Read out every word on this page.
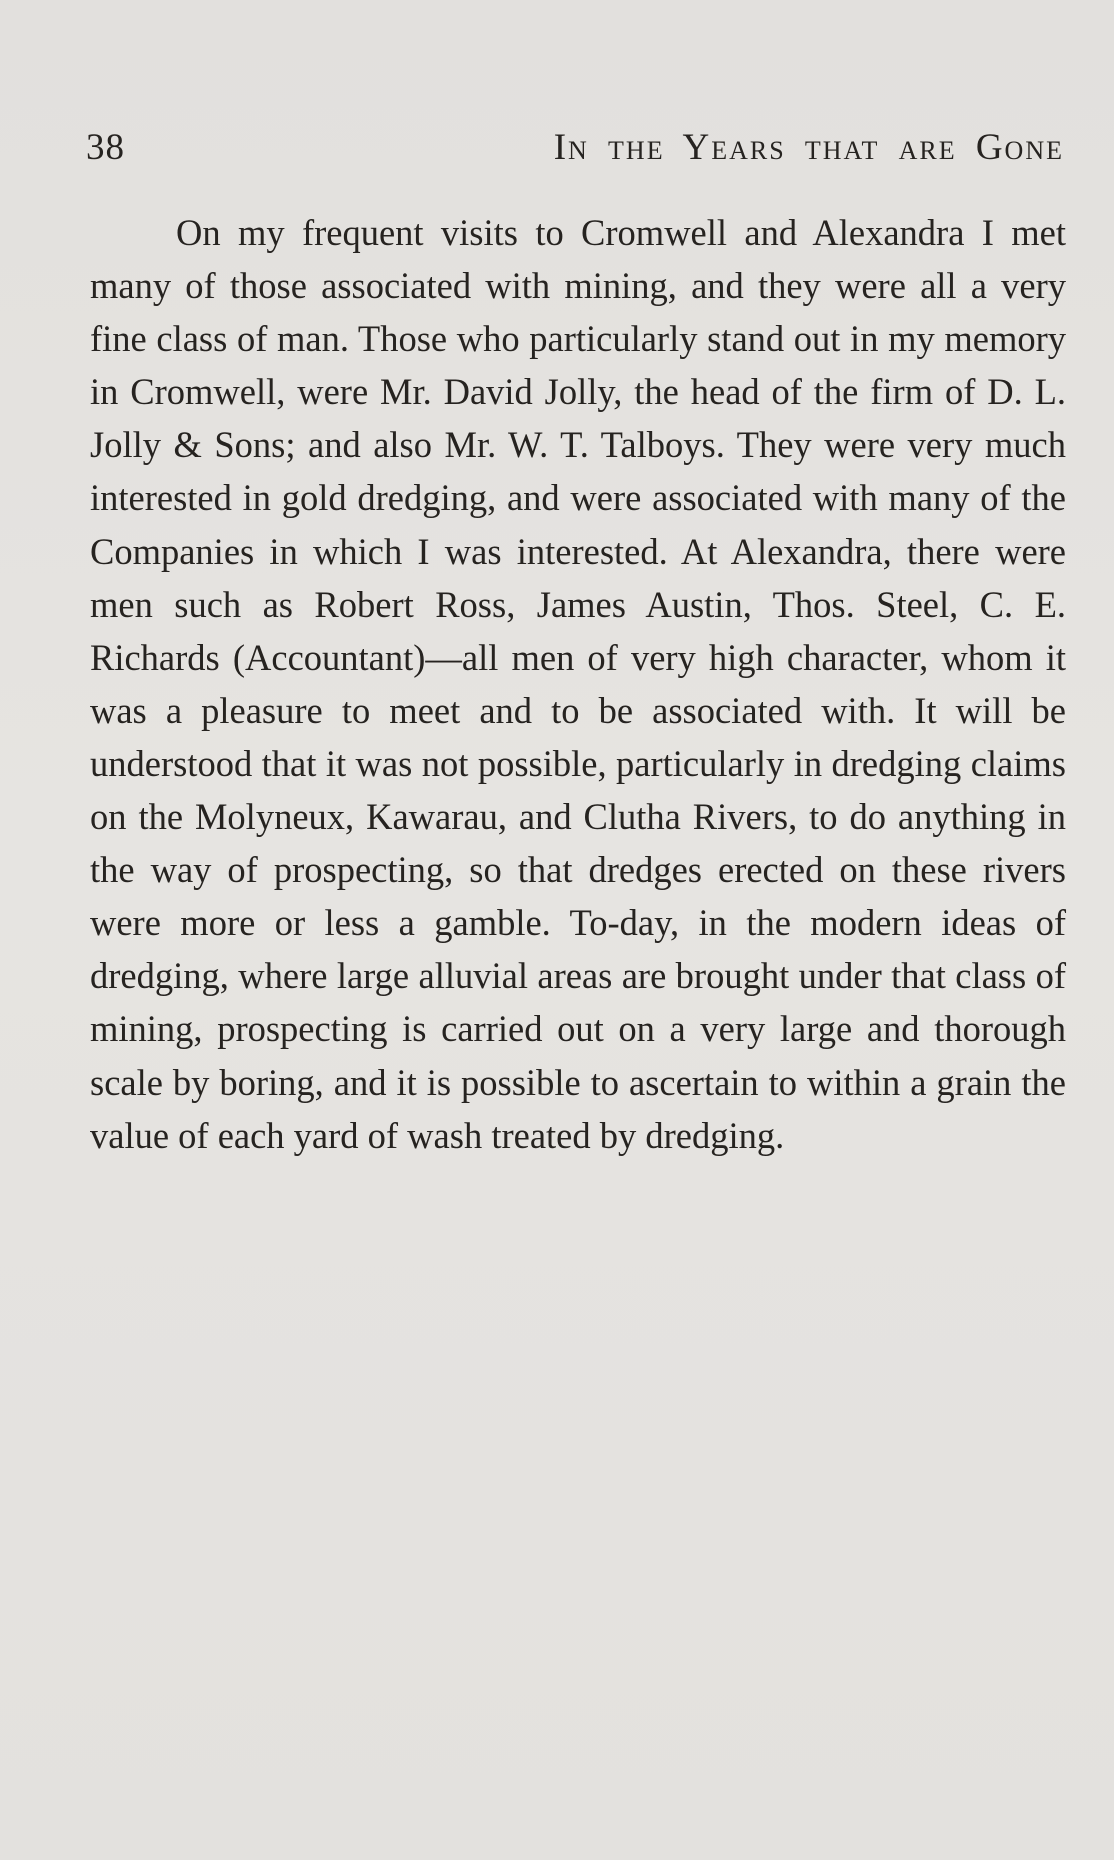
38	In the Years that are Gone

On my frequent visits to Cromwell and Alexandra I met many of those associated with mining, and they were all a very fine class of man. Those who particularly stand out in my memory in Cromwell, were Mr. David Jolly, the head of the firm of D. L. Jolly & Sons; and also Mr. W. T. Talboys. They were very much interested in gold dredging, and were associated with many of the Companies in which I was interested. At Alexandra, there were men such as Robert Ross, James Austin, Thos. Steel, C. E. Richards (Accountant)—all men of very high character, whom it was a pleasure to meet and to be associated with. It will be understood that it was not possible, particularly in dredging claims on the Molyneux, Kawarau, and Clutha Rivers, to do anything in the way of prospecting, so that dredges erected on these rivers were more or less a gamble. To-day, in the modern ideas of dredging, where large alluvial areas are brought under that class of mining, prospecting is carried out on a very large and thorough scale by boring, and it is possible to ascertain to within a grain the value of each yard of wash treated by dredging.
